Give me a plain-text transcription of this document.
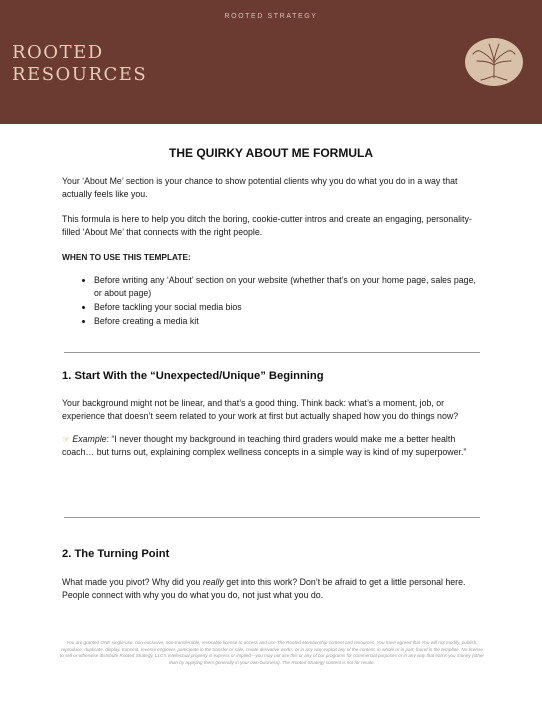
ROOTED STRATEGY
ROOTED
RESOURCES
THE QUIRKY ABOUT ME FORMULA

Your ‘About Me’ section is your chance to show potential clients why you do what you do in a way that actually feels like you.

This formula is here to help you ditch the boring, cookie-cutter intros and create an engaging, personality-filled ‘About Me’ that connects with the right people.

WHEN TO USE THIS TEMPLATE:
• Before writing any ‘About’ section on your website (whether that’s on your home page, sales page, or about page)
• Before tackling your social media bios
• Before creating a media kit
1. Start With the “Unexpected/Unique” Beginning

Your background might not be linear, and that’s a good thing. Think back: what’s a moment, job, or experience that doesn’t seem related to your work at first but actually shaped how you do things now?

☞ Example: “I never thought my background in teaching third graders would make me a better health coach… but turns out, explaining complex wellness concepts in a simple way is kind of my superpower.”

2. The Turning Point

What made you pivot? Why did you really get into this work? Don’t be afraid to get a little personal here. People connect with why you do what you do, not just what you do.

You are granted ONE single-use, non-exclusive, non-transferable, revocable license to access and use The Rooted Membership content and resources. You have agreed that You will not modify, publish, reproduce, duplicate, display, transmit, reverse engineer, participate in the transfer or sale, create derivative works, or in any way exploit any of the content, in whole or in part, found in the template. No license to sell or otherwise distribute Rooted Strategy, LLC’s intellectual property is express or implied—you may not use this or any of our programs for commercial purposes or in any way that earns you money (other than by applying them generally in your own business). The Rooted Strategy content is not for resale.
